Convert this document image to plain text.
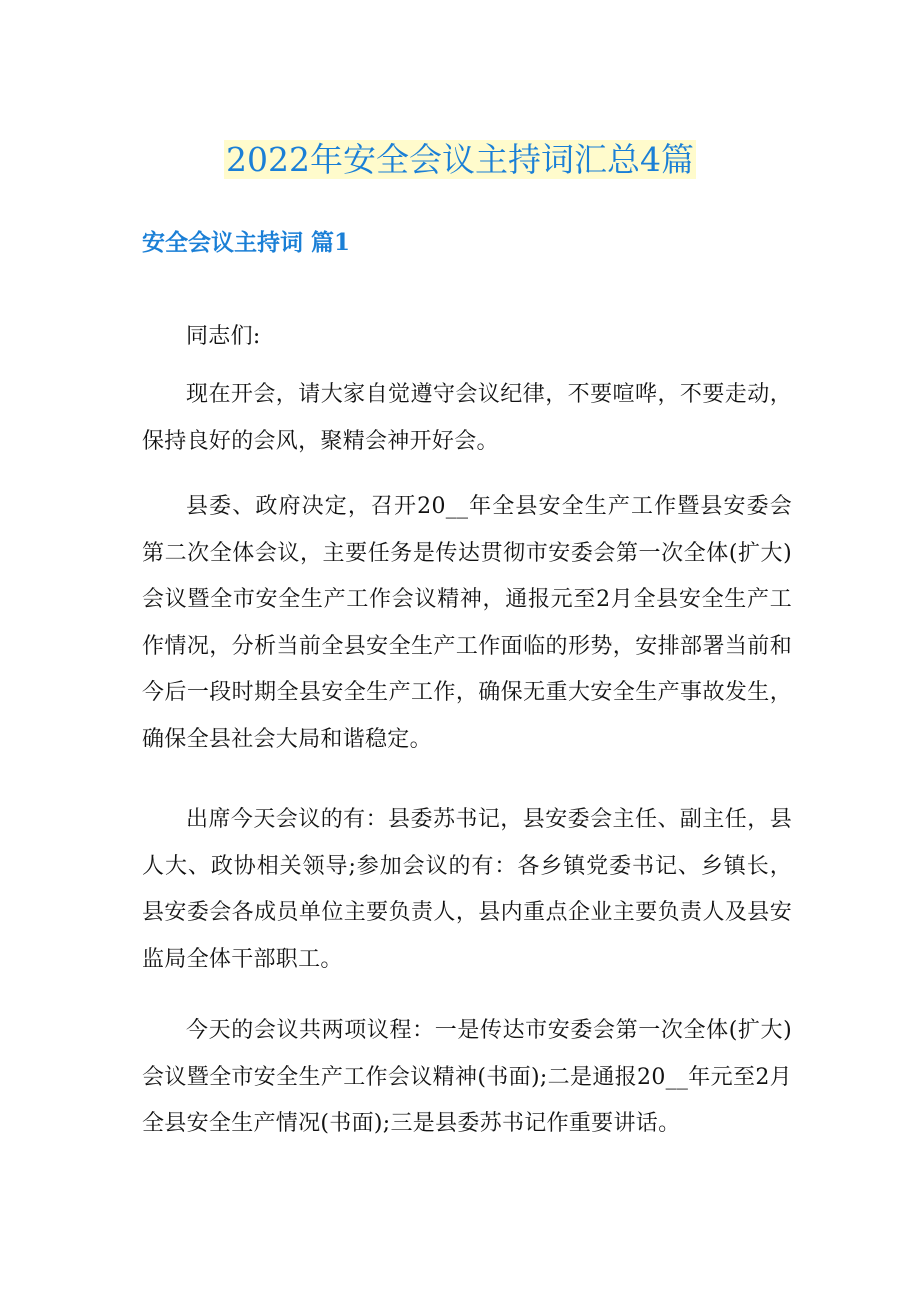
2022年安全会议主持词汇总4篇
安全会议主持词 篇1

同志们:

现在开会，请大家自觉遵守会议纪律，不要喧哗，不要走动，保持良好的会风，聚精会神开好会。

县委、政府决定，召开20__年全县安全生产工作暨县安委会第二次全体会议，主要任务是传达贯彻市安委会第一次全体(扩大)会议暨全市安全生产工作会议精神，通报元至2月全县安全生产工作情况，分析当前全县安全生产工作面临的形势，安排部署当前和今后一段时期全县安全生产工作，确保无重大安全生产事故发生，确保全县社会大局和谐稳定。

出席今天会议的有：县委苏书记，县安委会主任、副主任，县人大、政协相关领导;参加会议的有：各乡镇党委书记、乡镇长，县安委会各成员单位主要负责人，县内重点企业主要负责人及县安监局全体干部职工。

今天的会议共两项议程：一是传达市安委会第一次全体(扩大)会议暨全市安全生产工作会议精神(书面);二是通报20__年元至2月全县安全生产情况(书面);三是县委苏书记作重要讲话。
